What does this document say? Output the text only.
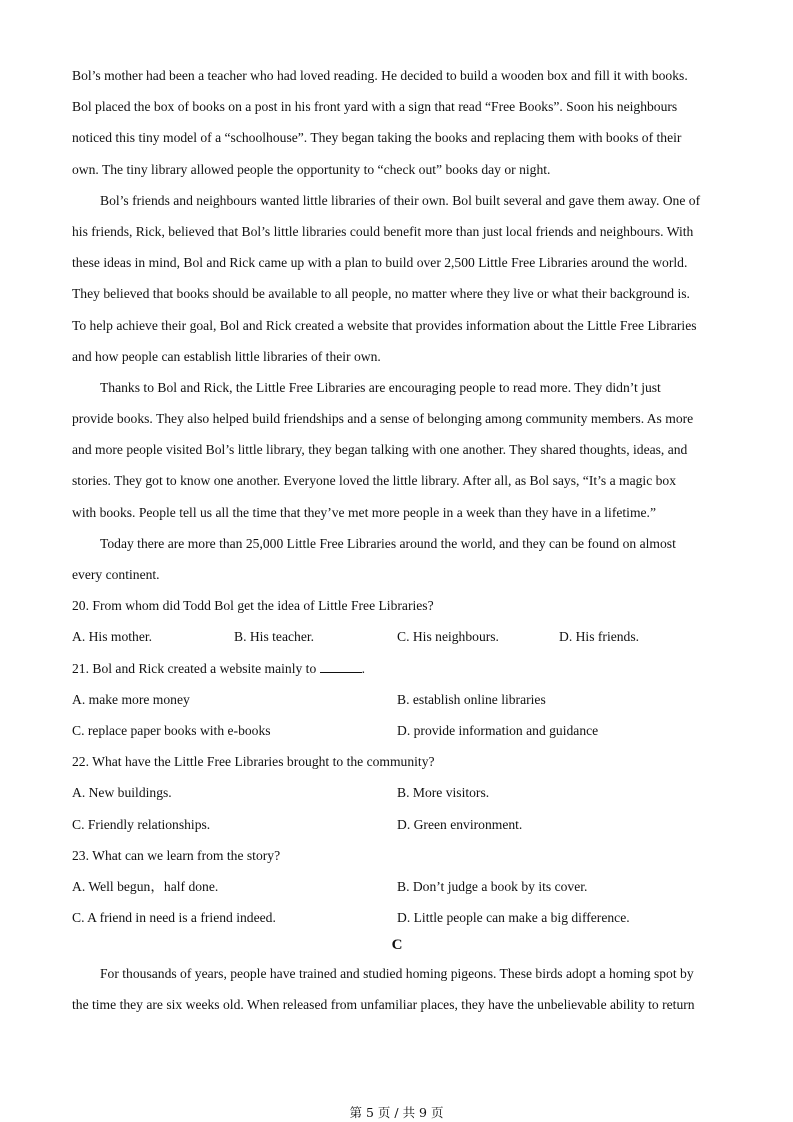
Bol’s mother had been a teacher who had loved reading. He decided to build a wooden box and fill it with books.
Bol placed the box of books on a post in his front yard with a sign that read “Free Books”. Soon his neighbours
noticed this tiny model of a “schoolhouse”. They began taking the books and replacing them with books of their
own. The tiny library allowed people the opportunity to “check out” books day or night.
Bol’s friends and neighbours wanted little libraries of their own. Bol built several and gave them away. One of
his friends, Rick, believed that Bol’s little libraries could benefit more than just local friends and neighbours. With
these ideas in mind, Bol and Rick came up with a plan to build over 2,500 Little Free Libraries around the world.
They believed that books should be available to all people, no matter where they live or what their background is.
To help achieve their goal, Bol and Rick created a website that provides information about the Little Free Libraries
and how people can establish little libraries of their own.
Thanks to Bol and Rick, the Little Free Libraries are encouraging people to read more. They didn’t just
provide books. They also helped build friendships and a sense of belonging among community members. As more
and more people visited Bol’s little library, they began talking with one another. They shared thoughts, ideas, and
stories. They got to know one another. Everyone loved the little library. After all, as Bol says, “It’s a magic box
with books. People tell us all the time that they’ve met more people in a week than they have in a lifetime.”
Today there are more than 25,000 Little Free Libraries around the world, and they can be found on almost
every continent.
20. From whom did Todd Bol get the idea of Little Free Libraries?
A. His mother.	B. His teacher.	C. His neighbours.	D. His friends.
21. Bol and Rick created a website mainly to	.
A. make more money	B. establish online libraries
C. replace paper books with e-books	D. provide information and guidance
22. What have the Little Free Libraries brought to the community?
A. New buildings.	B. More visitors.
C. Friendly relationships.	D. Green environment.
23. What can we learn from the story?
A. Well begun，half done.	B. Don’t judge a book by its cover.
C. A friend in need is a friend indeed.	D. Little people can make a big difference.
C
For thousands of years, people have trained and studied homing pigeons. These birds adopt a homing spot by
the time they are six weeks old. When released from unfamiliar places, they have the unbelievable ability to return
第 5 页 / 共 9 页
